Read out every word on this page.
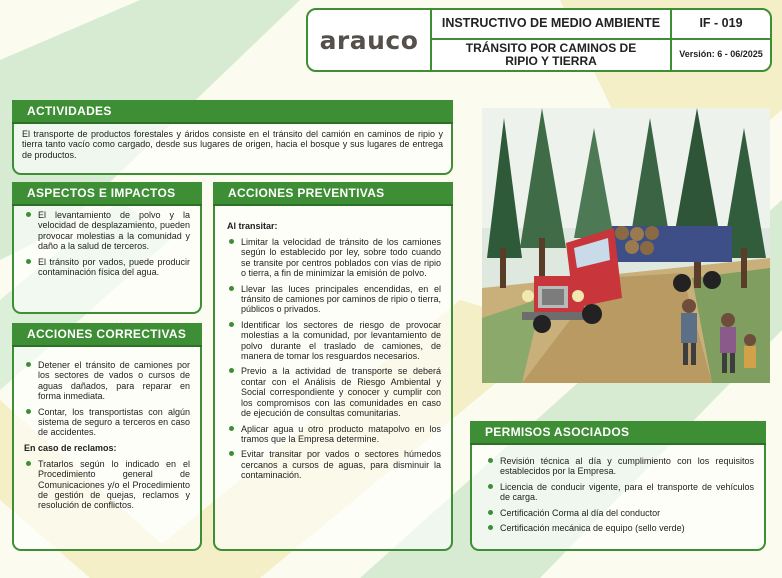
arauco
INSTRUCTIVO DE MEDIO AMBIENTE	IF - 019
TRÁNSITO POR CAMINOS DE RIPIO Y TIERRA	Versión: 6 - 06/2025
ACTIVIDADES

El transporte de productos forestales y áridos consiste en el tránsito del camión en caminos de ripio y tierra tanto vacío como cargado, desde sus lugares de origen, hacia el bosque y sus lugares de entrega de productos.

ASPECTOS E IMPACTOS
El levantamiento de polvo y la velocidad de desplazamiento, pueden provocar molestias a la comunidad y daño a la salud de terceros.
El tránsito por vados, puede producir contaminación física del agua.
ACCIONES CORRECTIVAS
Detener el tránsito de camiones por los sectores de vados o cursos de aguas dañados, para reparar en forma inmediata.
Contar, los transportistas con algún sistema de seguro a terceros en caso de accidentes.
En caso de reclamos:
Tratarlos según lo indicado en el Procedimiento general de Comunicaciones y/o el Procedimiento de gestión de quejas, reclamos y resolución de conflictos.
ACCIONES PREVENTIVAS
Al transitar:
Limitar la velocidad de tránsito de los camiones según lo establecido por ley, sobre todo cuando se transite por centros poblados con vías de ripio o tierra, a fin de minimizar la emisión de polvo.
Llevar las luces principales encendidas, en el tránsito de camiones por caminos de ripio o tierra, públicos o privados.
Identificar los sectores de riesgo de provocar molestias a la comunidad, por levantamiento de polvo durante el traslado de camiones, de manera de tomar los resguardos necesarios.
Previo a la actividad de transporte se deberá contar con el Análisis de Riesgo Ambiental y Social correspondiente y conocer y cumplir con los compromisos con las comunidades en caso de ejecución de consultas comunitarias.
Aplicar agua u otro producto matapolvo en los tramos que la Empresa determine.
Evitar transitar por vados o sectores húmedos cercanos a cursos de aguas, para disminuir la contaminación.
PERMISOS ASOCIADOS
Revisión técnica al día y cumplimiento con los requisitos establecidos por la Empresa.
Licencia de conducir vigente, para el transporte de vehículos de carga.
Certificación Corma al día del conductor
Certificación mecánica de equipo (sello verde)
